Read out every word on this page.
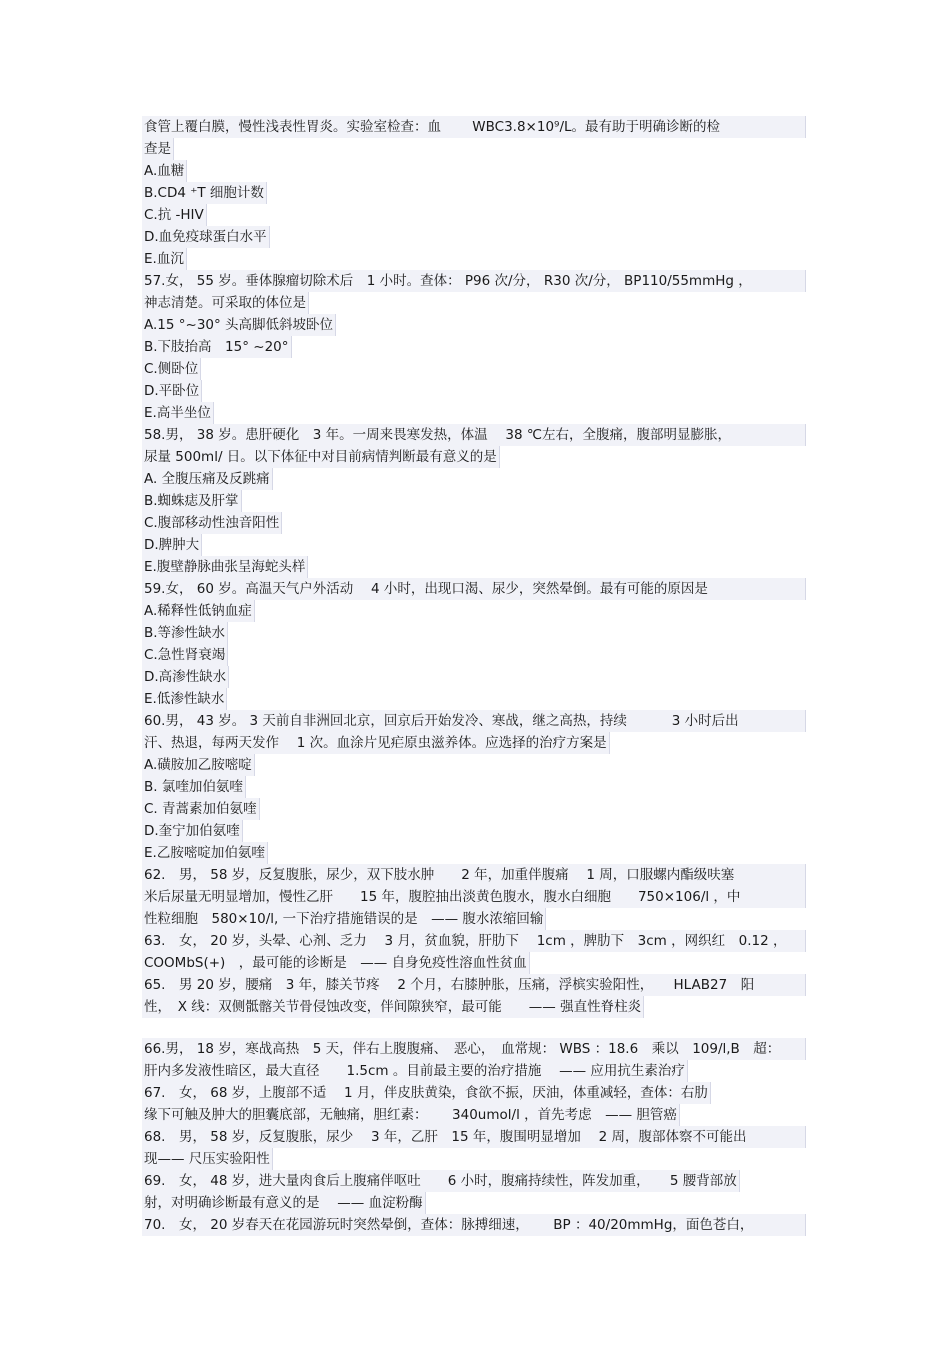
食管上覆白膜，慢性浅表性胃炎。实验室检查：血　　 WBC3.8×10⁹/L。最有助于明确诊断的检
查是
A.血糖
B.CD4 ⁺T 细胞计数
C.抗 -HIV
D.血免疫球蛋白水平
E.血沉
57.女， 55 岁。垂体腺瘤切除术后　1 小时。查体： P96 次/分， R30 次/分， BP110/55mmHg ，
神志清楚。可采取的体位是
A.15 °~30° 头高脚低斜坡卧位
B.下肢抬高　15° ~20°
C.侧卧位
D.平卧位
E.高半坐位
58.男， 38 岁。患肝硬化　3 年。一周来畏寒发热，体温　 38 ℃左右，全腹痛，腹部明显膨胀，
尿量 500ml/ 日。以下体征中对目前病情判断最有意义的是
A. 全腹压痛及反跳痛
B.蜘蛛痣及肝掌
C.腹部移动性浊音阳性
D.脾肿大
E.腹壁静脉曲张呈海蛇头样
59.女， 60 岁。高温天气户外活动　 4 小时，出现口渴、尿少，突然晕倒。最有可能的原因是
A.稀释性低钠血症
B.等渗性缺水
C.急性肾衰竭
D.高渗性缺水
E.低渗性缺水
60.男， 43 岁。 3 天前自非洲回北京，回京后开始发冷、寒战，继之高热，持续　　　 3 小时后出
汗、热退，每两天发作　 1 次。血涂片见疟原虫滋养体。应选择的治疗方案是
A.磺胺加乙胺嘧啶
B. 氯喹加伯氨喹
C. 青蒿素加伯氨喹
D.奎宁加伯氨喹
E.乙胺嘧啶加伯氨喹
62.　男， 58 岁，反复腹胀，尿少，双下肢水肿　　2 年，加重伴腹痛　 1 周，口服螺内酯级呋塞
米后尿量无明显增加，慢性乙肝　　15 年，腹腔抽出淡黄色腹水，腹水白细胞　　750×106/l ，中
性粒细胞　580×10/l, 一下治疗措施错误的是　—— 腹水浓缩回输
63.　女， 20 岁，头晕、心剂、乏力　 3 月，贫血貌，肝肋下　 1cm ，脾肋下　3cm ，网织红　0.12 ，
COOMbS(+)　，最可能的诊断是　—— 自身免疫性溶血性贫血
65.　男 20 岁，腰痛　3 年，膝关节疼　 2 个月，右膝肿胀，压痛，浮槟实验阳性，　　HLAB27　阳
性，　X 线：双侧骶髂关节骨侵蚀改变，伴间隙狭窄，最可能　　—— 强直性脊柱炎
66.男， 18 岁，寒战高热　5 天，伴右上腹腹痛、　恶心，　血常规： WBS ：18.6　乘以　109/l,B　超：
肝内多发液性暗区，最大直径　　1.5cm 。目前最主要的治疗措施　 —— 应用抗生素治疗
67.　女， 68 岁，上腹部不适　 1 月，伴皮肤黄染，食欲不振，厌油，体重减轻，查体：右肋
缘下可触及肿大的胆囊底部，无触痛，胆红素：　　 340umol/l ，首先考虑　—— 胆管癌
68.　男， 58 岁，反复腹胀，尿少　 3 年，乙肝　15 年，腹围明显增加　 2 周，腹部体察不可能出
现—— 尺压实验阳性
69.　女， 48 岁，进大量肉食后上腹痛伴呕吐　　6 小时，腹痛持续性，阵发加重，　　5 腰背部放
射，对明确诊断最有意义的是　 —— 血淀粉酶
70.　女， 20 岁春天在花园游玩时突然晕倒，查体：脉搏细速，　　 BP ：40/20mmHg，面色苍白，
